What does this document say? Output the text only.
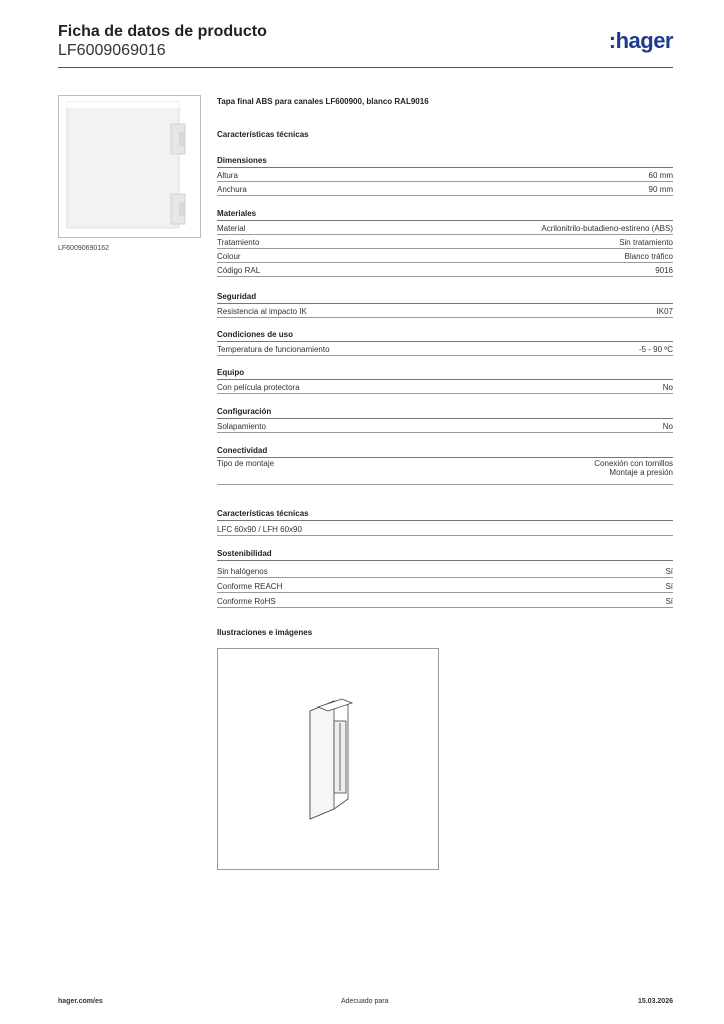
Ficha de datos de producto
LF6009069016	:hager
LF60090690162
Tapa final ABS para canales LF600900, blanco RAL9016
Características técnicas
Dimensiones
Altura	60 mm
Anchura	90 mm
Materiales
Material	Acrilonitrilo-butadieno-estireno (ABS)
Tratamiento	Sin tratamiento
Colour	Blanco tráfico
Código RAL	9016
Seguridad
Resistencia al impacto IK	IK07
Condiciones de uso
Temperatura de funcionamiento	-5 - 90 ºC
Equipo
Con película protectora	No
Configuración
Solapamiento	No
Conectividad
Tipo de montaje	Conexión con tornillos
Montaje a presión
Características técnicas
LFC 60x90 / LFH 60x90
Sostenibilidad
Sin halógenos	Sí
Conforme REACH	Sí
Conforme RoHS	Sí
Ilustraciones e imágenes
hager.com/es	Adecuado para	15.03.2026
